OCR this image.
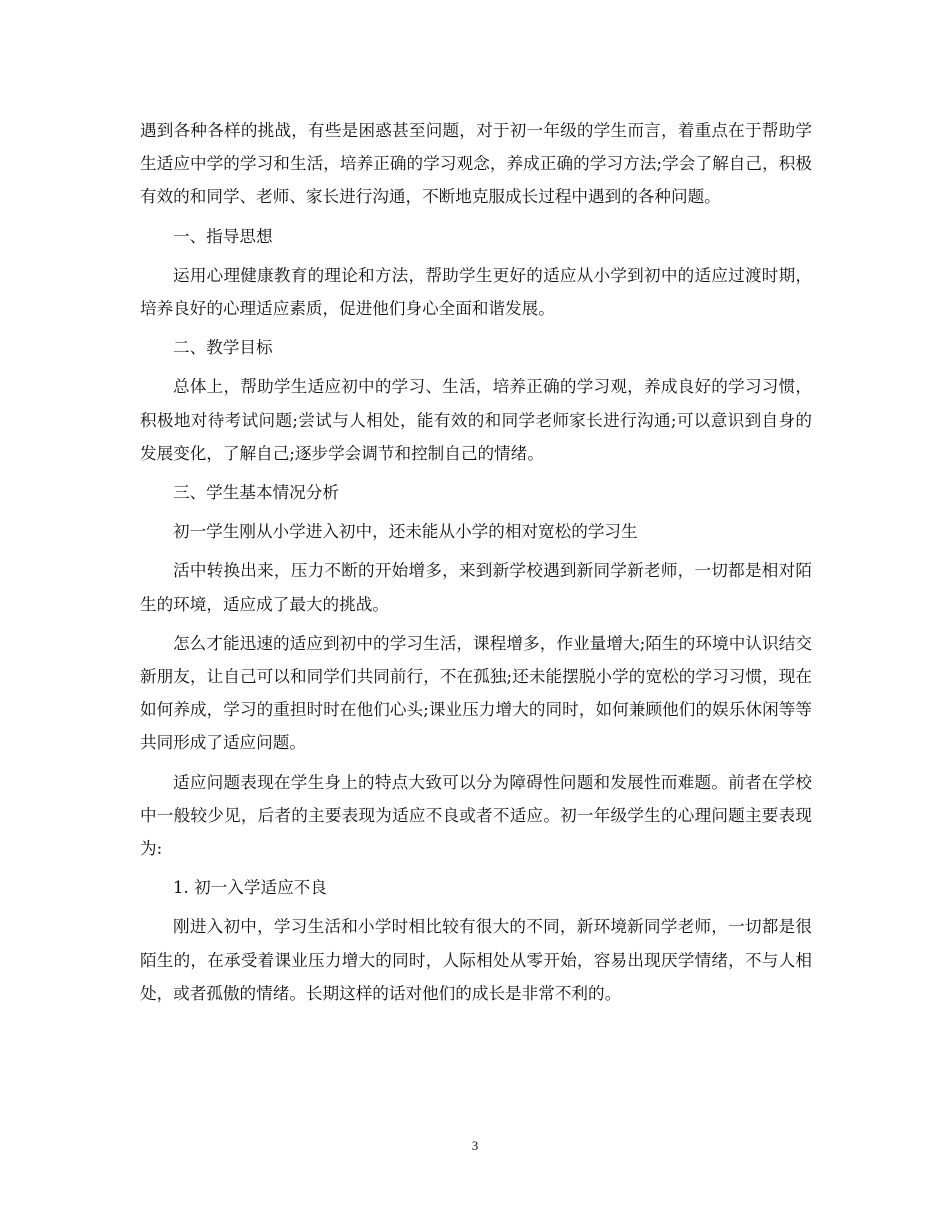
遇到各种各样的挑战，有些是困惑甚至问题，对于初一年级的学生而言，着重点在于帮助学生适应中学的学习和生活，培养正确的学习观念，养成正确的学习方法;学会了解自己，积极有效的和同学、老师、家长进行沟通，不断地克服成长过程中遇到的各种问题。

一、指导思想

运用心理健康教育的理论和方法，帮助学生更好的适应从小学到初中的适应过渡时期，培养良好的心理适应素质，促进他们身心全面和谐发展。

二、教学目标

总体上，帮助学生适应初中的学习、生活，培养正确的学习观，养成良好的学习习惯，积极地对待考试问题;尝试与人相处，能有效的和同学老师家长进行沟通;可以意识到自身的发展变化，了解自己;逐步学会调节和控制自己的情绪。

三、学生基本情况分析

初一学生刚从小学进入初中，还未能从小学的相对宽松的学习生

活中转换出来，压力不断的开始增多，来到新学校遇到新同学新老师，一切都是相对陌生的环境，适应成了最大的挑战。

怎么才能迅速的适应到初中的学习生活，课程增多，作业量增大;陌生的环境中认识结交新朋友，让自己可以和同学们共同前行，不在孤独;还未能摆脱小学的宽松的学习习惯，现在如何养成，学习的重担时时在他们心头;课业压力增大的同时，如何兼顾他们的娱乐休闲等等共同形成了适应问题。

适应问题表现在学生身上的特点大致可以分为障碍性问题和发展性而难题。前者在学校中一般较少见，后者的主要表现为适应不良或者不适应。初一年级学生的心理问题主要表现为:

1. 初一入学适应不良

刚进入初中，学习生活和小学时相比较有很大的不同，新环境新同学老师，一切都是很陌生的，在承受着课业压力增大的同时，人际相处从零开始，容易出现厌学情绪，不与人相处，或者孤傲的情绪。长期这样的话对他们的成长是非常不利的。

3
